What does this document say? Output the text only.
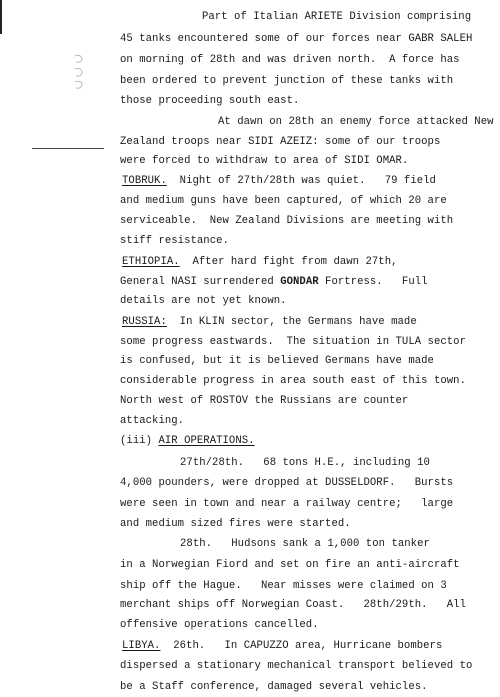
Part of Italian ARIETE Division comprising
45 tanks encountered some of our forces near GABR SALEH
on morning of 28th and was driven north.  A force has
been ordered to prevent junction of these tanks with
those proceeding south east.
At dawn on 28th an enemy force attacked New
Zealand troops near SIDI AZEIZ: some of our troops
were forced to withdraw to area of SIDI OMAR.
TOBRUK.  Night of 27th/28th was quiet.   79 field
and medium guns have been captured, of which 20 are
serviceable.  New Zealand Divisions are meeting with
stiff resistance.
ETHIOPIA.  After hard fight from dawn 27th,
General NASI surrendered GONDAR Fortress.   Full
details are not yet known.
RUSSIA:  In KLIN sector, the Germans have made
some progress eastwards.  The situation in TULA sector
is confused, but it is believed Germans have made
considerable progress in area south east of this town.
North west of ROSTOV the Russians are counter
attacking.
(iii) AIR OPERATIONS.
27th/28th.   68 tons H.E., including 10
4,000 pounders, were dropped at DUSSELDORF.   Bursts
were seen in town and near a railway centre;   large
and medium sized fires were started.
28th.   Hudsons sank a 1,000 ton tanker
in a Norwegian Fiord and set on fire an anti-aircraft
ship off the Hague.   Near misses were claimed on 3
merchant ships off Norwegian Coast.   28th/29th.   All
offensive operations cancelled.
LIBYA.  26th.   In CAPUZZO area, Hurricane bombers
dispersed a stationary mechanical transport believed to
be a Staff conference, damaged several vehicles.
